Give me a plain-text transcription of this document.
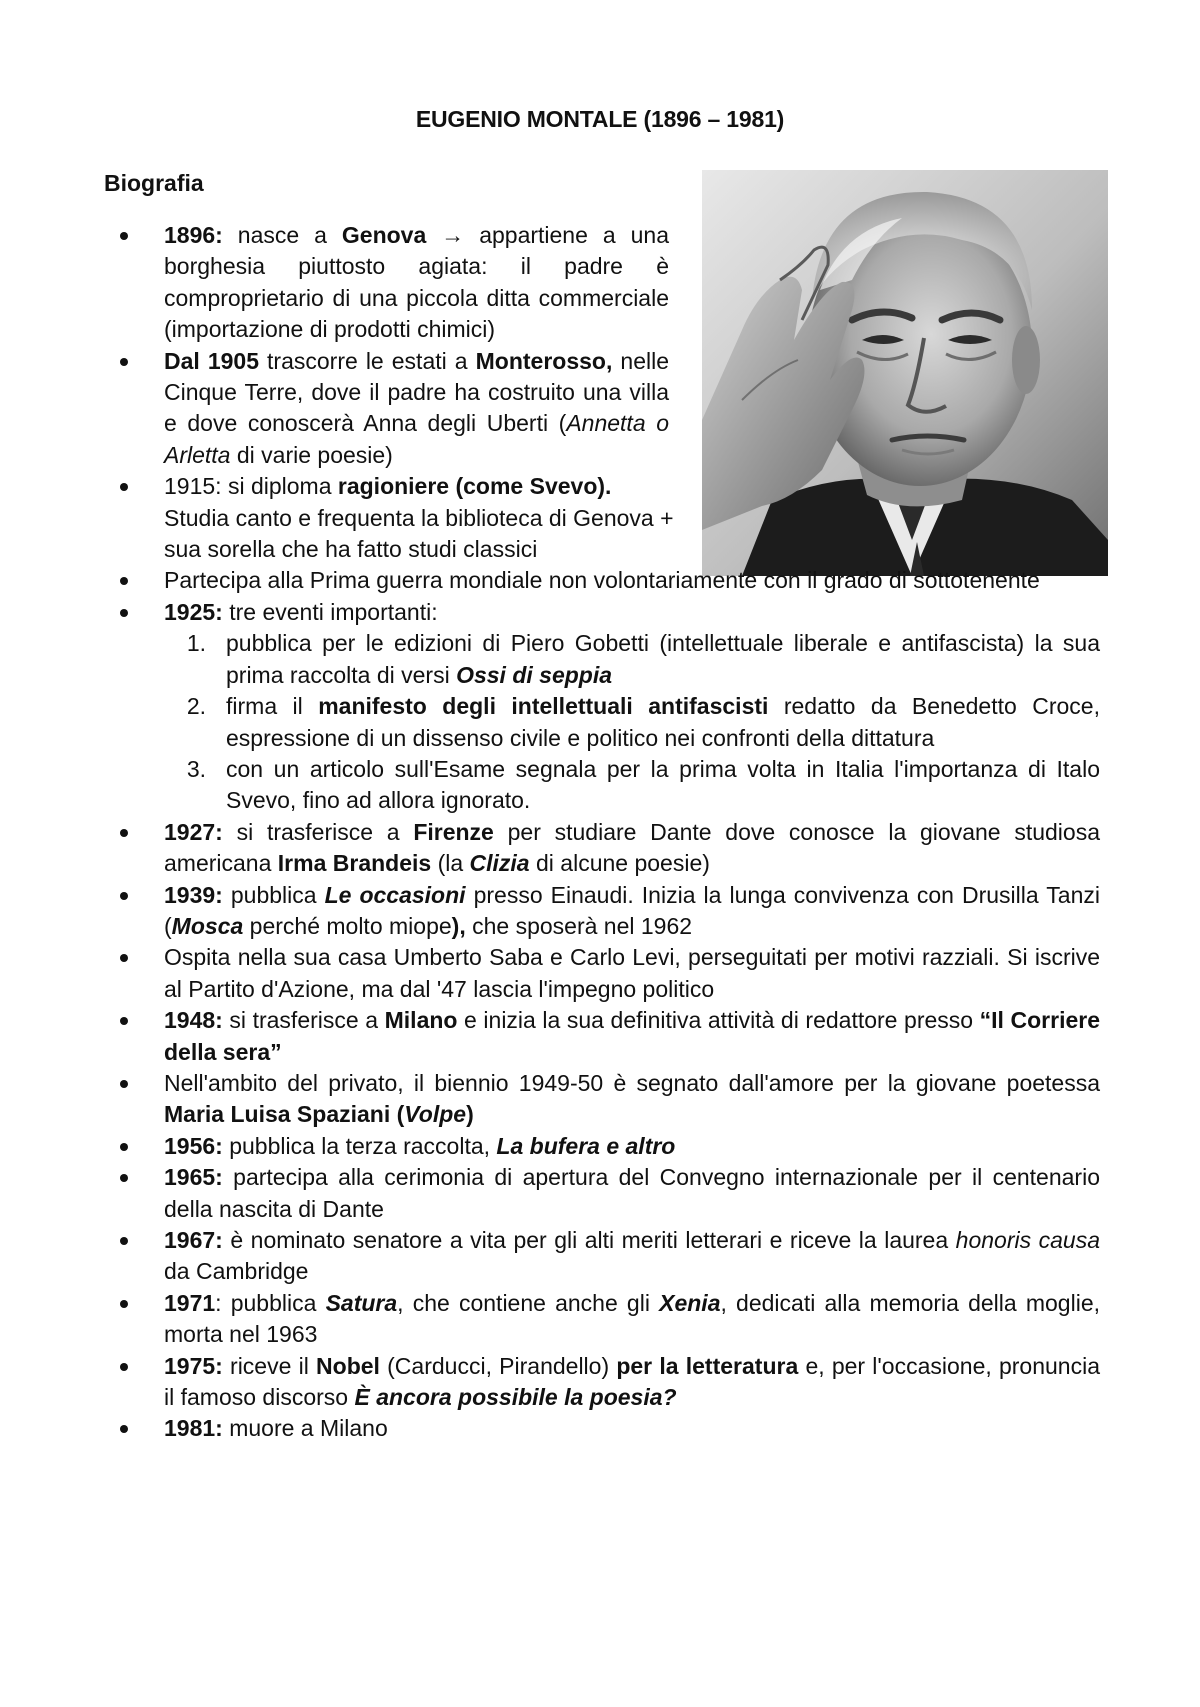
EUGENIO MONTALE (1896 – 1981)
Biografia
1896: nasce a Genova → appartiene a una borghesia piuttosto agiata: il padre è comproprietario di una piccola ditta commerciale (importazione di prodotti chimici)
Dal 1905 trascorre le estati a Monterosso, nelle Cinque Terre, dove il padre ha costruito una villa e dove conoscerà Anna degli Uberti (Annetta o Arletta di varie poesie)
1915: si diploma ragioniere (come Svevo). Studia canto e frequenta la biblioteca di Genova + sua sorella che ha fatto studi classici
Partecipa alla Prima guerra mondiale non volontariamente con il grado di sottotenente
1925: tre eventi importanti:
1. pubblica per le edizioni di Piero Gobetti (intellettuale liberale e antifascista) la sua prima raccolta di versi Ossi di seppia
2. firma il manifesto degli intellettuali antifascisti redatto da Benedetto Croce, espressione di un dissenso civile e politico nei confronti della dittatura
3. con un articolo sull'Esame segnala per la prima volta in Italia l'importanza di Italo Svevo, fino ad allora ignorato.
1927: si trasferisce a Firenze per studiare Dante dove conosce la giovane studiosa americana Irma Brandeis (la Clizia di alcune poesie)
1939: pubblica Le occasioni presso Einaudi. Inizia la lunga convivenza con Drusilla Tanzi (Mosca perché molto miope), che sposerà nel 1962
Ospita nella sua casa Umberto Saba e Carlo Levi, perseguitati per motivi razziali. Si iscrive al Partito d'Azione, ma dal '47 lascia l'impegno politico
1948: si trasferisce a Milano e inizia la sua definitiva attività di redattore presso “Il Corriere della sera”
Nell'ambito del privato, il biennio 1949-50 è segnato dall'amore per la giovane poetessa Maria Luisa Spaziani (Volpe)
1956: pubblica la terza raccolta, La bufera e altro
1965: partecipa alla cerimonia di apertura del Convegno internazionale per il centenario della nascita di Dante
1967: è nominato senatore a vita per gli alti meriti letterari e riceve la laurea honoris causa da Cambridge
1971: pubblica Satura, che contiene anche gli Xenia, dedicati alla memoria della moglie, morta nel 1963
1975: riceve il Nobel (Carducci, Pirandello) per la letteratura e, per l'occasione, pronuncia il famoso discorso È ancora possibile la poesia?
1981: muore a Milano
